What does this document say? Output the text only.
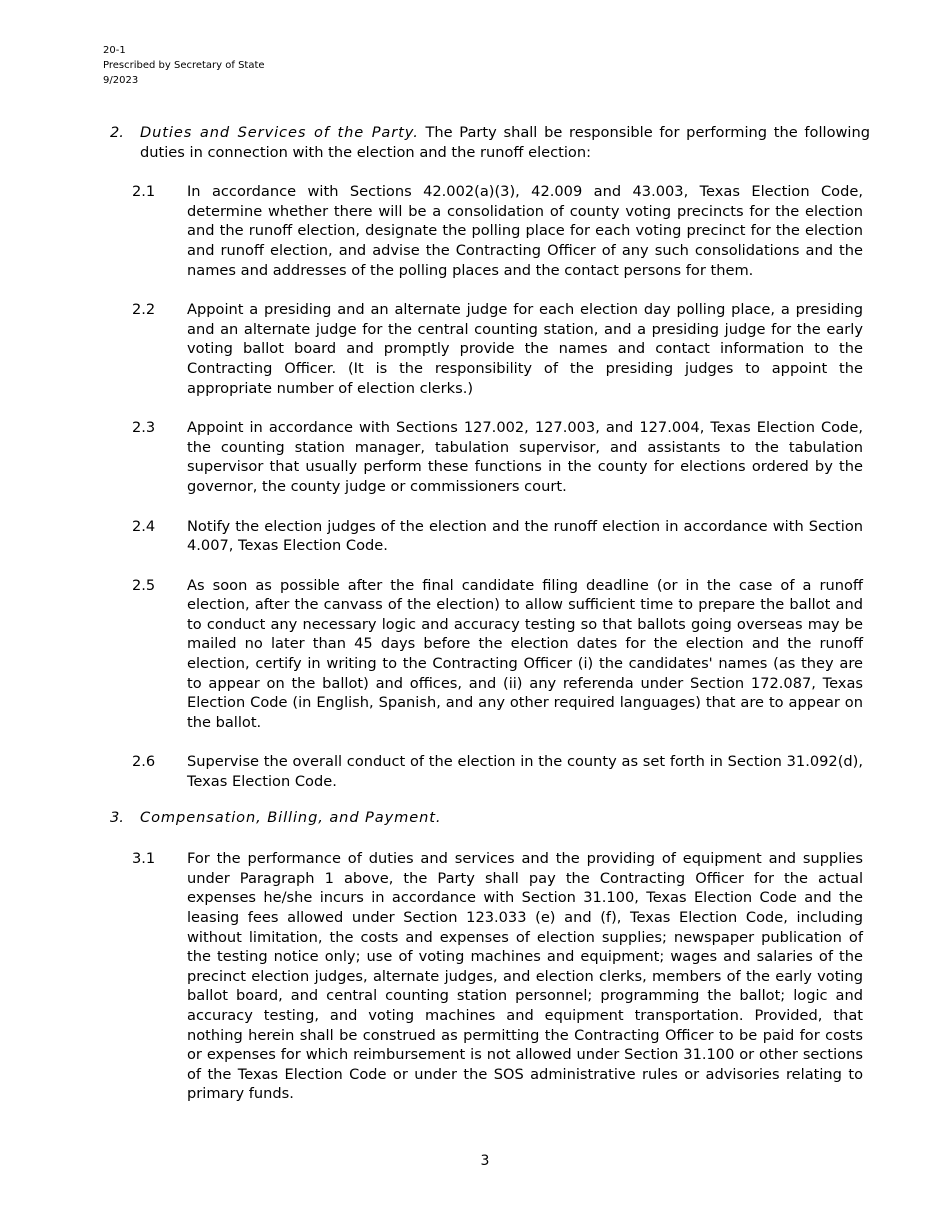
20-1
Prescribed by Secretary of State
9/2023
2.	Duties and Services of the Party. The Party shall be responsible for performing the following duties in connection with the election and the runoff election:
2.1	In accordance with Sections 42.002(a)(3), 42.009 and 43.003, Texas Election Code, determine whether there will be a consolidation of county voting precincts for the election and the runoff election, designate the polling place for each voting precinct for the election and runoff election, and advise the Contracting Officer of any such consolidations and the names and addresses of the polling places and the contact persons for them.
2.2	Appoint a presiding and an alternate judge for each election day polling place, a presiding and an alternate judge for the central counting station, and a presiding judge for the early voting ballot board and promptly provide the names and contact information to the Contracting Officer. (It is the responsibility of the presiding judges to appoint the appropriate number of election clerks.)
2.3	Appoint in accordance with Sections 127.002, 127.003, and 127.004, Texas Election Code, the counting station manager, tabulation supervisor, and assistants to the tabulation supervisor that usually perform these functions in the county for elections ordered by the governor, the county judge or commissioners court.
2.4	Notify the election judges of the election and the runoff election in accordance with Section 4.007, Texas Election Code.
2.5	As soon as possible after the final candidate filing deadline (or in the case of a runoff election, after the canvass of the election) to allow sufficient time to prepare the ballot and to conduct any necessary logic and accuracy testing so that ballots going overseas may be mailed no later than 45 days before the election dates for the election and the runoff election, certify in writing to the Contracting Officer (i) the candidates' names (as they are to appear on the ballot) and offices, and (ii) any referenda under Section 172.087, Texas Election Code (in English, Spanish, and any other required languages) that are to appear on the ballot.
2.6	Supervise the overall conduct of the election in the county as set forth in Section 31.092(d), Texas Election Code.
3.	Compensation, Billing, and Payment.
3.1	For the performance of duties and services and the providing of equipment and supplies under Paragraph 1 above, the Party shall pay the Contracting Officer for the actual expenses he/she incurs in accordance with Section 31.100, Texas Election Code and the leasing fees allowed under Section 123.033 (e) and (f), Texas Election Code, including without limitation, the costs and expenses of election supplies; newspaper publication of the testing notice only; use of voting machines and equipment; wages and salaries of the precinct election judges, alternate judges, and election clerks, members of the early voting ballot board, and central counting station personnel; programming the ballot; logic and accuracy testing, and voting machines and equipment transportation. Provided, that nothing herein shall be construed as permitting the Contracting Officer to be paid for costs or expenses for which reimbursement is not allowed under Section 31.100 or other sections of the Texas Election Code or under the SOS administrative rules or advisories relating to primary funds.
3
